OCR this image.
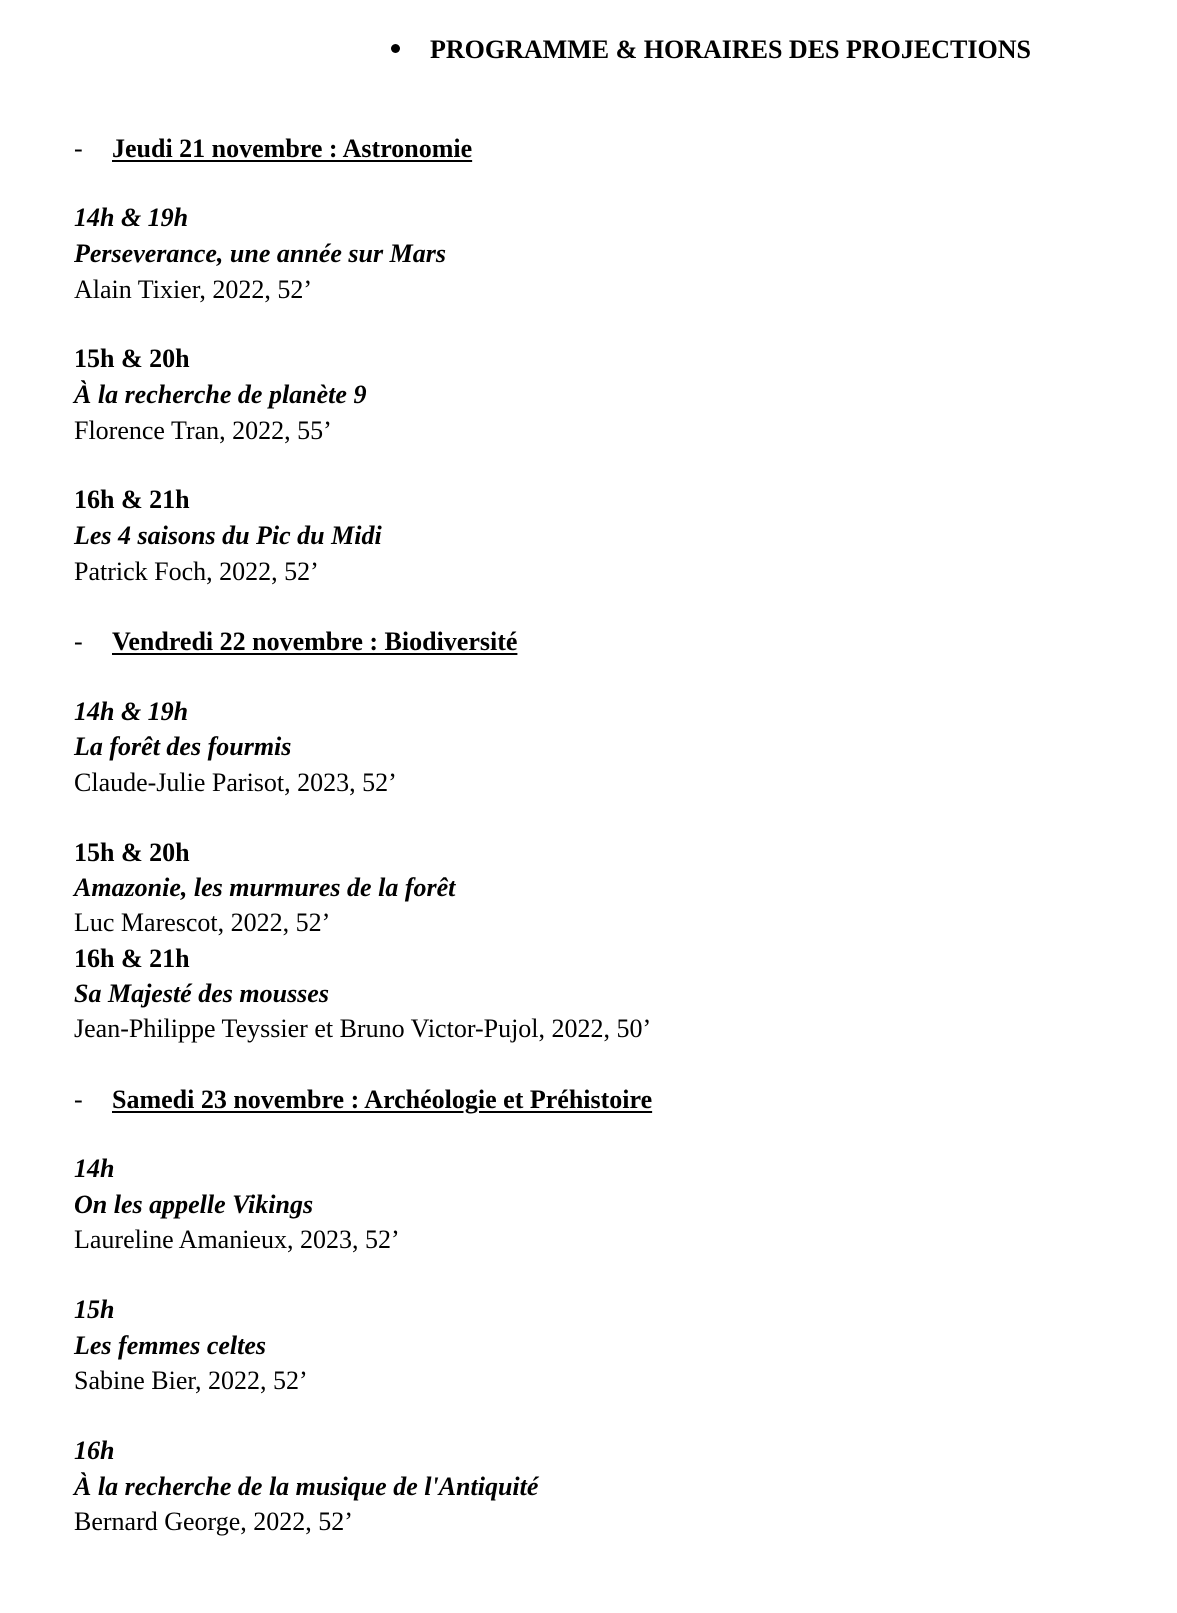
PROGRAMME & HORAIRES DES PROJECTIONS
- Jeudi 21 novembre : Astronomie
14h & 19h
Perseverance, une année sur Mars
Alain Tixier, 2022, 52’
15h & 20h
À la recherche de planète 9
Florence Tran, 2022, 55’
16h & 21h
Les 4 saisons du Pic du Midi
Patrick Foch, 2022, 52’
- Vendredi 22 novembre : Biodiversité
14h & 19h
La forêt des fourmis
Claude-Julie Parisot, 2023, 52’
15h & 20h
Amazonie, les murmures de la forêt
Luc Marescot, 2022, 52’
16h & 21h
Sa Majesté des mousses
Jean-Philippe Teyssier et Bruno Victor-Pujol, 2022, 50’
- Samedi 23 novembre : Archéologie et Préhistoire
14h
On les appelle Vikings
Laureline Amanieux, 2023, 52’
15h
Les femmes celtes
Sabine Bier, 2022, 52’
16h
À la recherche de la musique de l'Antiquité
Bernard George, 2022, 52’
